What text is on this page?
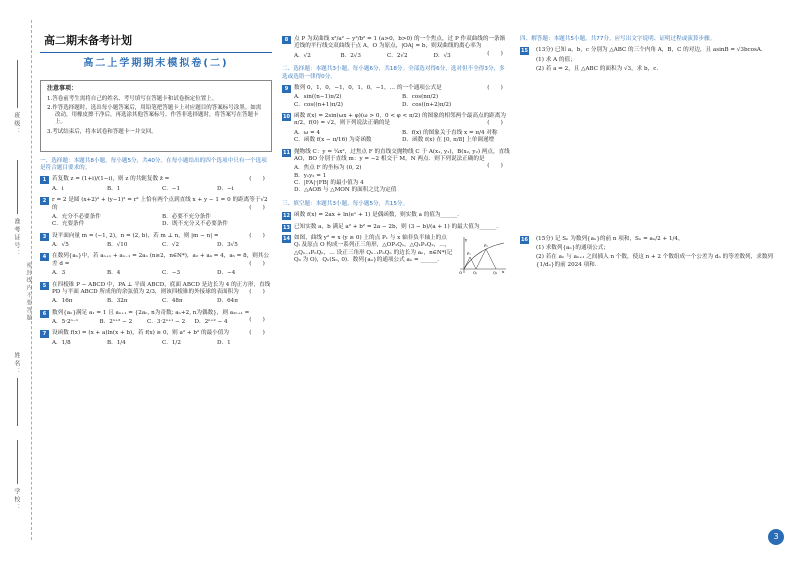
班级：
准考证号：
密封线内不要答题
姓名：
学校：
高二期末备考计划
高二上学期期末模拟卷(二)
注意事项：
1.答卷前考生需将自己的姓名、考号填写在答题卡和试卷指定位置上。
2.作答选择题时，选出每小题答案后，用铅笔把答题卡上对应题目的答案标号涂黑。如需改动，用橡皮擦干净后，再选涂其他答案标号。作答非选择题时，将答案写在答题卡上。
3.考试结束后，将本试卷和答题卡一并交回。
一、选择题：本题共8小题，每小题5分，共40分。在每小题给出的四个选项中只有一个选项是符合题目要求的。
1	(　　)
若复数 z = (1+i)/(1−i)，则 z 的共轭复数 z̄ =
A．i	B．1	C．−1	D．−i
2	r = 2 是圆 (x+2)² + (y−1)² = r² 上恰有两个点到直线 x + y − 1 = 0 的距离等于√2 的	(　　)
A．充分不必要条件	B．必要不充分条件
C．充要条件	D．既不充分又不必要条件
3	(　　)
设平面向量 m = (−1, 2)，n = (2, b)，若 m ⊥ n，则 |m − n| =
A．√5	B．√10	C．√2	D．3√5
4	在数列{aₙ}中，若 aₙ₊₁ + aₙ₋₁ = 2aₙ (n≥2，n∈N*)，a₂ + a₄ = 4，a₅ = 8，则其公差 d =	(　　)
A．3	B．4	C．−3	D．−4
5	在四棱锥 P − ABCD 中，PA ⊥ 平面 ABCD，底面 ABCD 是边长为 4 的正方形，直线 PD 与平面 ABCD 所成角的余弦值为 2/3，则该四棱锥的外接球的表面积为	(　　)
A．16π	B．32π	C．48π	D．64π
6	数列{aₙ}满足 a₁ = 1 且 aₙ₊₁ = {2aₙ, n为奇数; aₙ+2, n为偶数}，则 a₂ₙ₊₁ =
(　　)
A．5·2ⁿ⁻¹	B．2ⁿ⁺² − 2	C．3·2ⁿ⁺¹ − 2	D．2ⁿ⁺² − 4
7	设函数 f(x) = (x + a)ln(x + b)，若 f(x) ≥ 0，则 a² + b² 的最小值为	(　　)
A．1/8	B．1/4	C．1/2	D．1
8	点 P 为双曲线 x²/a² − y²/b² = 1 (a>0，b>0) 的一个焦点，过 P 作双曲线的一条渐近线的平行线交双曲线于点 A，O 为原点，|OA| = b，则双曲线的离心率为
(　　)
A．√2	B．2√3	C．2√2	D．√3
二、选择题：本题共3小题，每小题6分，共18分。全部选对得6分，选对但不全得3分，多选或选错一律得0分。
9	(　　)
数列 0，1，0，−1，0，1，0，−1，… 的一个通项公式是
A．sin((n−1)π/2)	B．cos(nπ/2)
C．cos((n+1)π/2)	D．cos((n+2)π/2)
10 函数 f(x) = 2sin(ωx + φ)(ω > 0，0 < φ < π/2) 的图象的相邻两个最高点的距离为 π/2，f(0) = √2，则下列说法正确的是	(　　)
A．ω = 4	B．f(x) 的图象关于直线 x = π/4 对称
C．函数 f(x − π/16) 为奇函数	D．函数 f(x) 在 [0, π/8] 上单调递增
11 抛物线 C：y = ¼x²，过焦点 F 的直线交抛物线 C 于 A(x₁, y₁)，B(x₂, y₂) 两点，直线 AO，BO 分别于直线 m：y = −2 相交于 M，N 两点．则下列说法正确的是
(　　)
A．焦点 F 的坐标为 (0, 2)
B．y₁y₂ = 1
C．|FA|·|FB| 的最小值为 4
D．△AOB 与 △MON 的面积之比为定值
三、填空题：本题共3小题，每小题5分，共15分。
12 函数 f(x) = 2ax + ln(eˣ + 1) 是偶函数，则实数 a 的值为______．
13 已知实数 a，b 满足 a² + b² = 2a − 2b，则 (3 − b)/(a + 1) 的最大值为______．
14 如图，曲线 y² = x (y ≥ 0) 上的点 P₁ 与 x 轴非负半轴上的点 Qᵢ 及原点 O 构成一系列正三角形，△OP₁Q₁，△Q₁P₂Q₂，…，△Qₙ₋₁PₙQₙ，… 设正三角形 Qₙ₋₁PₙQₙ 的边长为 aₙ，n∈N*(记 Q₀ 为 O)，Qₙ(Sₙ, 0)．数列{aₙ}的通项公式 aₙ = ______．
y
O	Q₁	Q₂ x
P₁
P₂
四、解答题：本题共5小题，共77分。应写出文字说明、证明过程或演算步骤。
15	(13分) 已知 a，b，c 分别为 △ABC 的三个内角 A，B，C 的对边，且 asinB = √3bcosA.
(1) 求 A 的值；
(2) 若 a = 2，且 △ABC 的面积为 √3，求 b，c.
16	(15分) 记 Sₙ 为数列{aₙ}的前 n 项和，Sₙ = aₙ/2 + 1/4，
(1) 求数列{aₙ}的通项公式；
(2) 若在 aₙ 与 aₙ₊₁ 之间插入 n 个数，使这 n + 2 个数组成一个公差为 dₙ 的等差数列，求数列{1/dₙ}的前 2024 项和.
3
